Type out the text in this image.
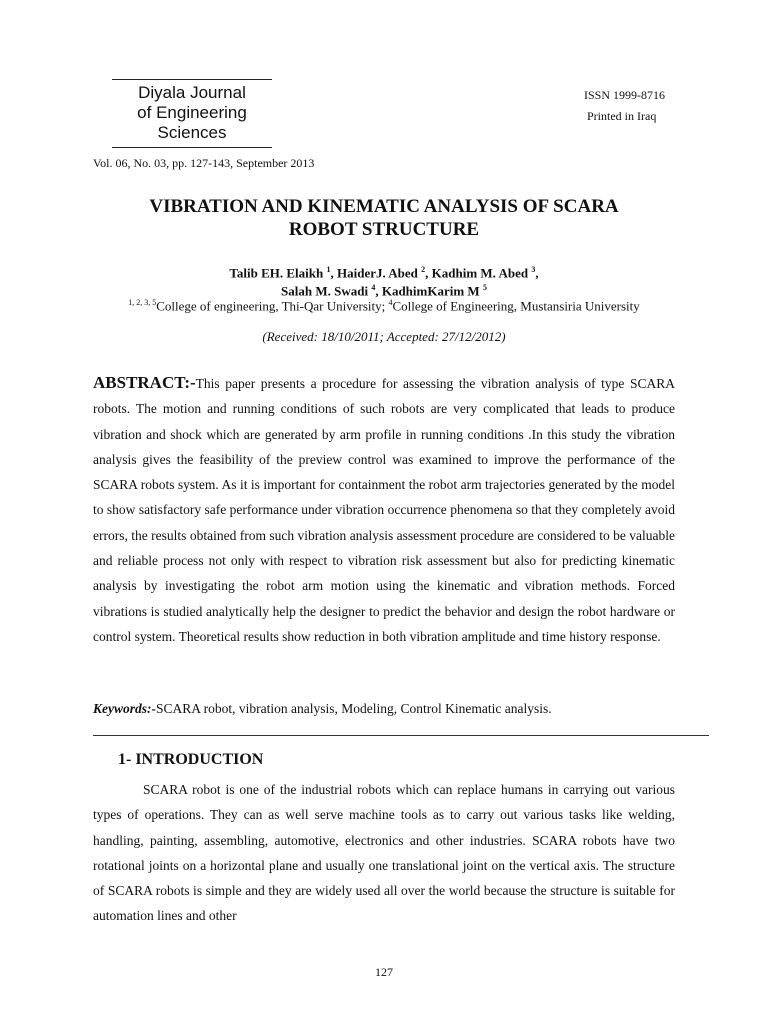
Diyala Journal
of Engineering
Sciences
ISSN 1999-8716
Printed in Iraq
Vol. 06, No. 03, pp. 127-143, September 2013
VIBRATION AND KINEMATIC ANALYSIS OF SCARA
ROBOT STRUCTURE
Talib EH. Elaikh $^1$, HaiderJ. Abed $^2$, Kadhim M. Abed $^3$,
Salah M. Swadi $^4$, KadhimKarim M $^5$
$^{1, 2, 3, 5}$College of engineering, Thi-Qar University; $^4$College of Engineering, Mustansiria University
(Received: 18/10/2011; Accepted: 27/12/2012)
ABSTRACT:-This paper presents a procedure for assessing the vibration analysis of type SCARA robots. The motion and running conditions of such robots are very complicated that leads to produce vibration and shock which are generated by arm profile in running conditions .In this study the vibration analysis gives the feasibility of the preview control was examined to improve the performance of the SCARA robots system. As it is important for containment the robot arm trajectories generated by the model to show satisfactory safe performance under vibration occurrence phenomena so that they completely avoid errors, the results obtained from such vibration analysis assessment procedure are considered to be valuable and reliable process not only with respect to vibration risk assessment but also for predicting kinematic analysis by investigating the robot arm motion using the kinematic and vibration methods. Forced vibrations is studied analytically help the designer to predict the behavior and design the robot hardware or control system. Theoretical results show reduction in both vibration amplitude and time history response.
Keywords:-SCARA robot, vibration analysis, Modeling, Control Kinematic analysis.
1- INTRODUCTION
SCARA robot is one of the industrial robots which can replace humans in carrying out various types of operations. They can as well serve machine tools as to carry out various tasks like welding, handling, painting, assembling, automotive, electronics and other industries. SCARA robots have two rotational joints on a horizontal plane and usually one translational joint on the vertical axis. The structure of SCARA robots is simple and they are widely used all over the world because the structure is suitable for automation lines and other
127
